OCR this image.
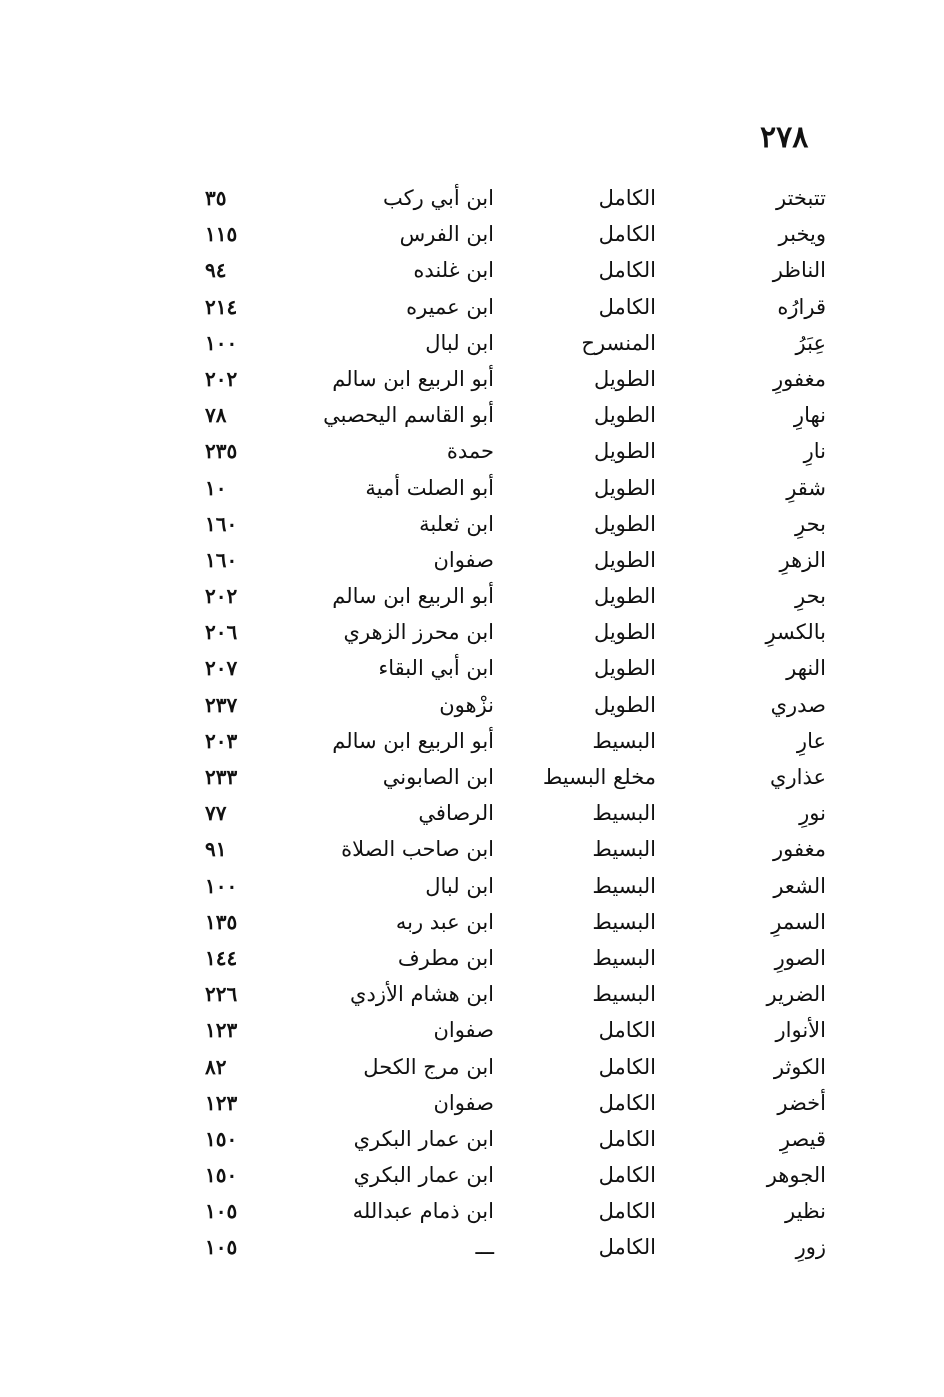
٢٧٨
تتبختر
الكامل
ابن أبي ركب
٣٥
ويخبر
الكامل
ابن الفرس
١١٥
الناظر
الكامل
ابن غلنده
٩٤
قرارُه
الكامل
ابن عميره
٢١٤
عِبَرُ
المنسرح
ابن لبال
١٠٠
مغفورِ
الطويل
أبو الربيع ابن سالم
٢٠٢
نهارِ
الطويل
أبو القاسم اليحصبي
٧٨
نارِ
الطويل
حمدة
٢٣٥
شقرِ
الطويل
أبو الصلت أمية
١٠
بحرِ
الطويل
ابن ثعلبة
١٦٠
الزهرِ
الطويل
صفوان
١٦٠
بحرِ
الطويل
أبو الربيع ابن سالم
٢٠٢
بالكسرِ
الطويل
ابن محرز الزهري
٢٠٦
النهر
الطويل
ابن أبي البقاء
٢٠٧
صدري
الطويل
نزْهون
٢٣٧
عارِ
البسيط
أبو الربيع ابن سالم
٢٠٣
عذاري
مخلع البسيط
ابن الصابوني
٢٣٣
نورِ
البسيط
الرصافي
٧٧
مغفور
البسيط
ابن صاحب الصلاة
٩١
الشعر
البسيط
ابن لبال
١٠٠
السمرِ
البسيط
ابن عبد ربه
١٣٥
الصورِ
البسيط
ابن مطرف
١٤٤
الضرير
البسيط
ابن هشام الأزدي
٢٢٦
الأنوار
الكامل
صفوان
١٢٣
الكوثر
الكامل
ابن مرج الكحل
٨٢
أخضر
الكامل
صفوان
١٢٣
قيصرِ
الكامل
ابن عمار البكري
١٥٠
الجوهر
الكامل
ابن عمار البكري
١٥٠
نظير
الكامل
ابن ذمام عبدالله
١٠٥
زورِ
الكامل
ـــ
١٠٥
